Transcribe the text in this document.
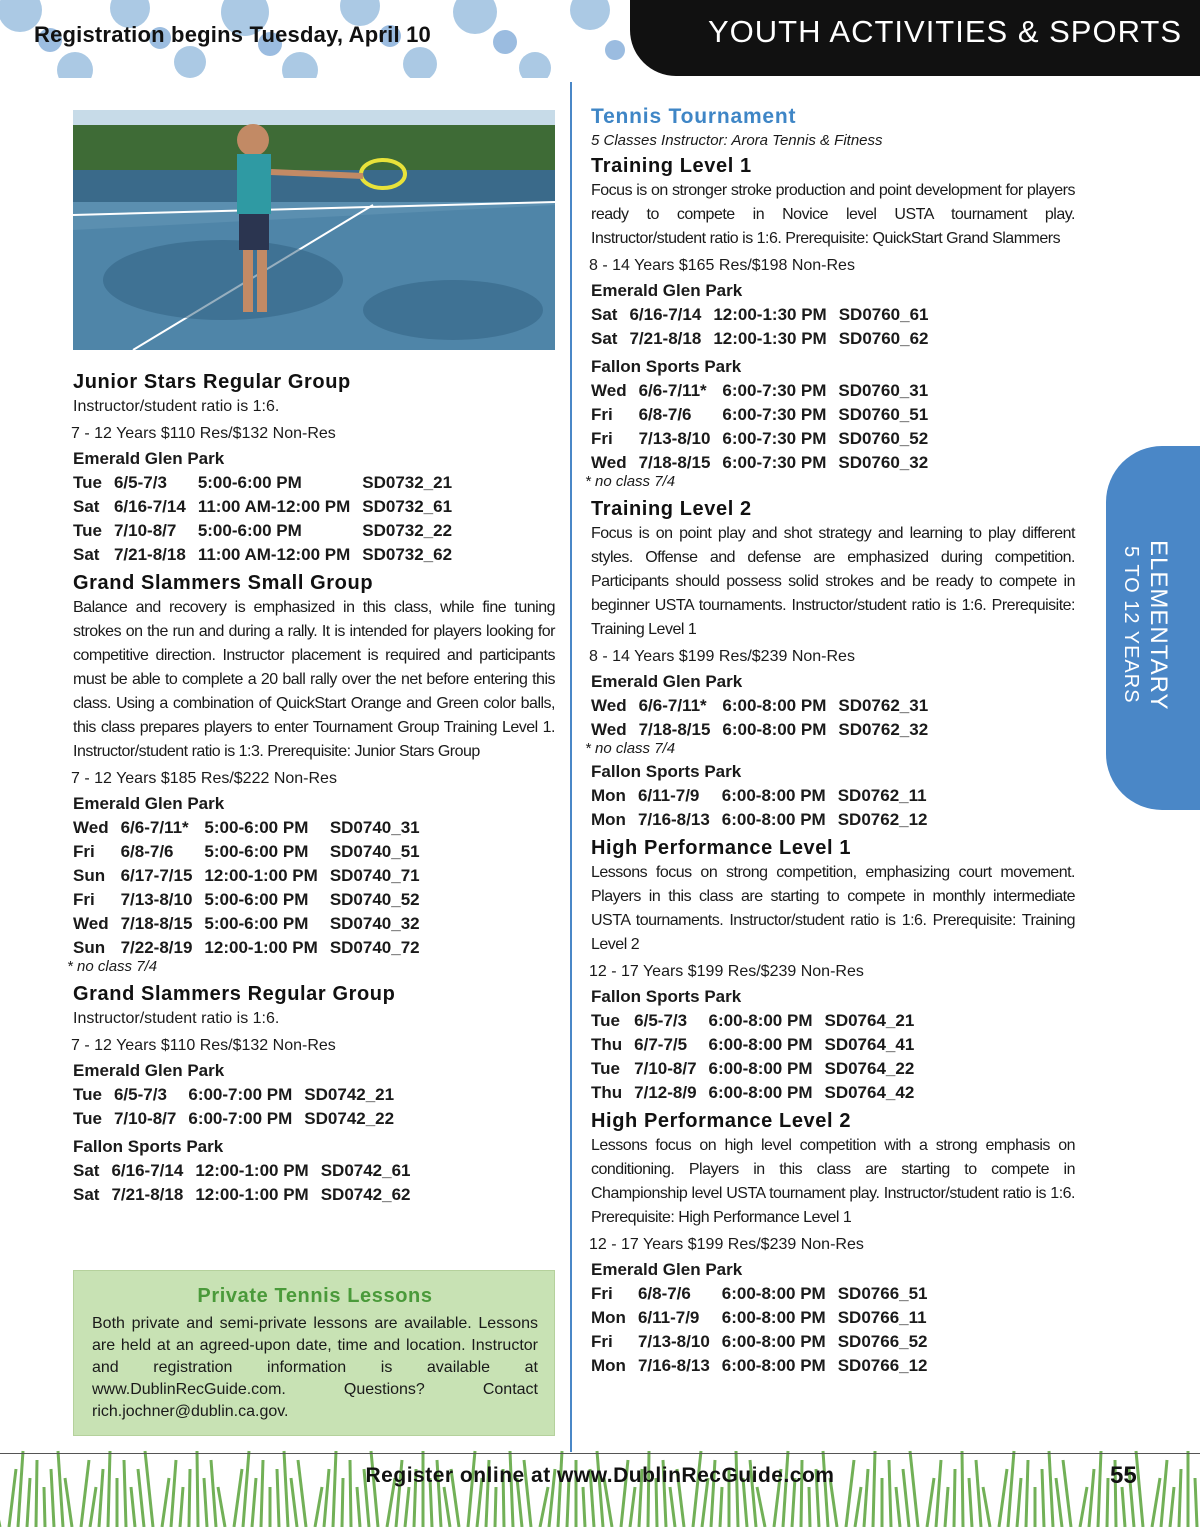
Registration begins Tuesday, April 10	YOUTH ACTIVITIES & SPORTS
Junior Stars Regular Group

Instructor/student ratio is 1:6.

7 - 12 Years $110 Res/$132 Non-Res

Emerald Glen Park

Tue	6/5-7/3	5:00-6:00 PM	SD0732_21
Sat	6/16-7/14	11:00 AM-12:00 PM	SD0732_61
Tue	7/10-8/7	5:00-6:00 PM	SD0732_22
Sat	7/21-8/18	11:00 AM-12:00 PM	SD0732_62
Grand Slammers Small Group

Balance and recovery is emphasized in this class, while fine tuning strokes on the run and during a rally. It is intended for players looking for competitive direction. Instructor placement is required and participants must be able to complete a 20 ball rally over the net before entering this class. Using a combination of QuickStart Orange and Green color balls, this class prepares players to enter Tournament Group Training Level 1. Instructor/student ratio is 1:3. Prerequisite: Junior Stars Group

7 - 12 Years $185 Res/$222 Non-Res

Emerald Glen Park

Wed	6/6-7/11*	5:00-6:00 PM	SD0740_31
Fri	6/8-7/6	5:00-6:00 PM	SD0740_51
Sun	6/17-7/15	12:00-1:00 PM	SD0740_71
Fri	7/13-8/10	5:00-6:00 PM	SD0740_52
Wed	7/18-8/15	5:00-6:00 PM	SD0740_32
Sun	7/22-8/19	12:00-1:00 PM	SD0740_72

* no class 7/4

Grand Slammers Regular Group

Instructor/student ratio is 1:6.

7 - 12 Years $110 Res/$132 Non-Res

Emerald Glen Park

Tue	6/5-7/3	6:00-7:00 PM	SD0742_21
Tue	7/10-8/7	6:00-7:00 PM	SD0742_22

Fallon Sports Park

Sat	6/16-7/14	12:00-1:00 PM	SD0742_61
Sat	7/21-8/18	12:00-1:00 PM	SD0742_62
Private Tennis Lessons
Both private and semi-private lessons are available. Lessons are held at an agreed-upon date, time and location. Instructor and registration information is available at www.DublinRecGuide.com. Questions? Contact rich.jochner@dublin.ca.gov.

Tennis Tournament

5 Classes Instructor: Arora Tennis & Fitness

Training Level 1

Focus is on stronger stroke production and point development for players ready to compete in Novice level USTA tournament play. Instructor/student ratio is 1:6. Prerequisite: QuickStart Grand Slammers

8 - 14 Years $165 Res/$198 Non-Res

Emerald Glen Park

Sat	6/16-7/14	12:00-1:30 PM	SD0760_61
Sat	7/21-8/18	12:00-1:30 PM	SD0760_62

Fallon Sports Park

Wed	6/6-7/11*	6:00-7:30 PM	SD0760_31
Fri	6/8-7/6	6:00-7:30 PM	SD0760_51
Fri	7/13-8/10	6:00-7:30 PM	SD0760_52
Wed	7/18-8/15	6:00-7:30 PM	SD0760_32

* no class 7/4

Training Level 2

Focus is on point play and shot strategy and learning to play different styles. Offense and defense are emphasized during competition. Participants should possess solid strokes and be ready to compete in beginner USTA tournaments. Instructor/student ratio is 1:6. Prerequisite: Training Level 1

8 - 14 Years $199 Res/$239 Non-Res

Emerald Glen Park

Wed	6/6-7/11*	6:00-8:00 PM	SD0762_31
Wed	7/18-8/15	6:00-8:00 PM	SD0762_32

* no class 7/4

Fallon Sports Park

Mon	6/11-7/9	6:00-8:00 PM	SD0762_11
Mon	7/16-8/13	6:00-8:00 PM	SD0762_12
High Performance Level 1

Lessons focus on strong competition, emphasizing court movement. Players in this class are starting to compete in monthly intermediate USTA tournaments. Instructor/student ratio is 1:6. Prerequisite: Training Level 2

12 - 17 Years $199 Res/$239 Non-Res

Fallon Sports Park

Tue	6/5-7/3	6:00-8:00 PM	SD0764_21
Thu	6/7-7/5	6:00-8:00 PM	SD0764_41
Tue	7/10-8/7	6:00-8:00 PM	SD0764_22
Thu	7/12-8/9	6:00-8:00 PM	SD0764_42
High Performance Level 2

Lessons focus on high level competition with a strong emphasis on conditioning. Players in this class are starting to compete in Championship level USTA tournament play. Instructor/student ratio is 1:6. Prerequisite: High Performance Level 1

12 - 17 Years $199 Res/$239 Non-Res

Emerald Glen Park

Fri	6/8-7/6	6:00-8:00 PM	SD0766_51
Mon	6/11-7/9	6:00-8:00 PM	SD0766_11
Fri	7/13-8/10	6:00-8:00 PM	SD0766_52
Mon	7/16-8/13	6:00-8:00 PM	SD0766_12
ELEMENTARY
5 TO 12 YEARS
Register online at www.DublinRecGuide.com	55
